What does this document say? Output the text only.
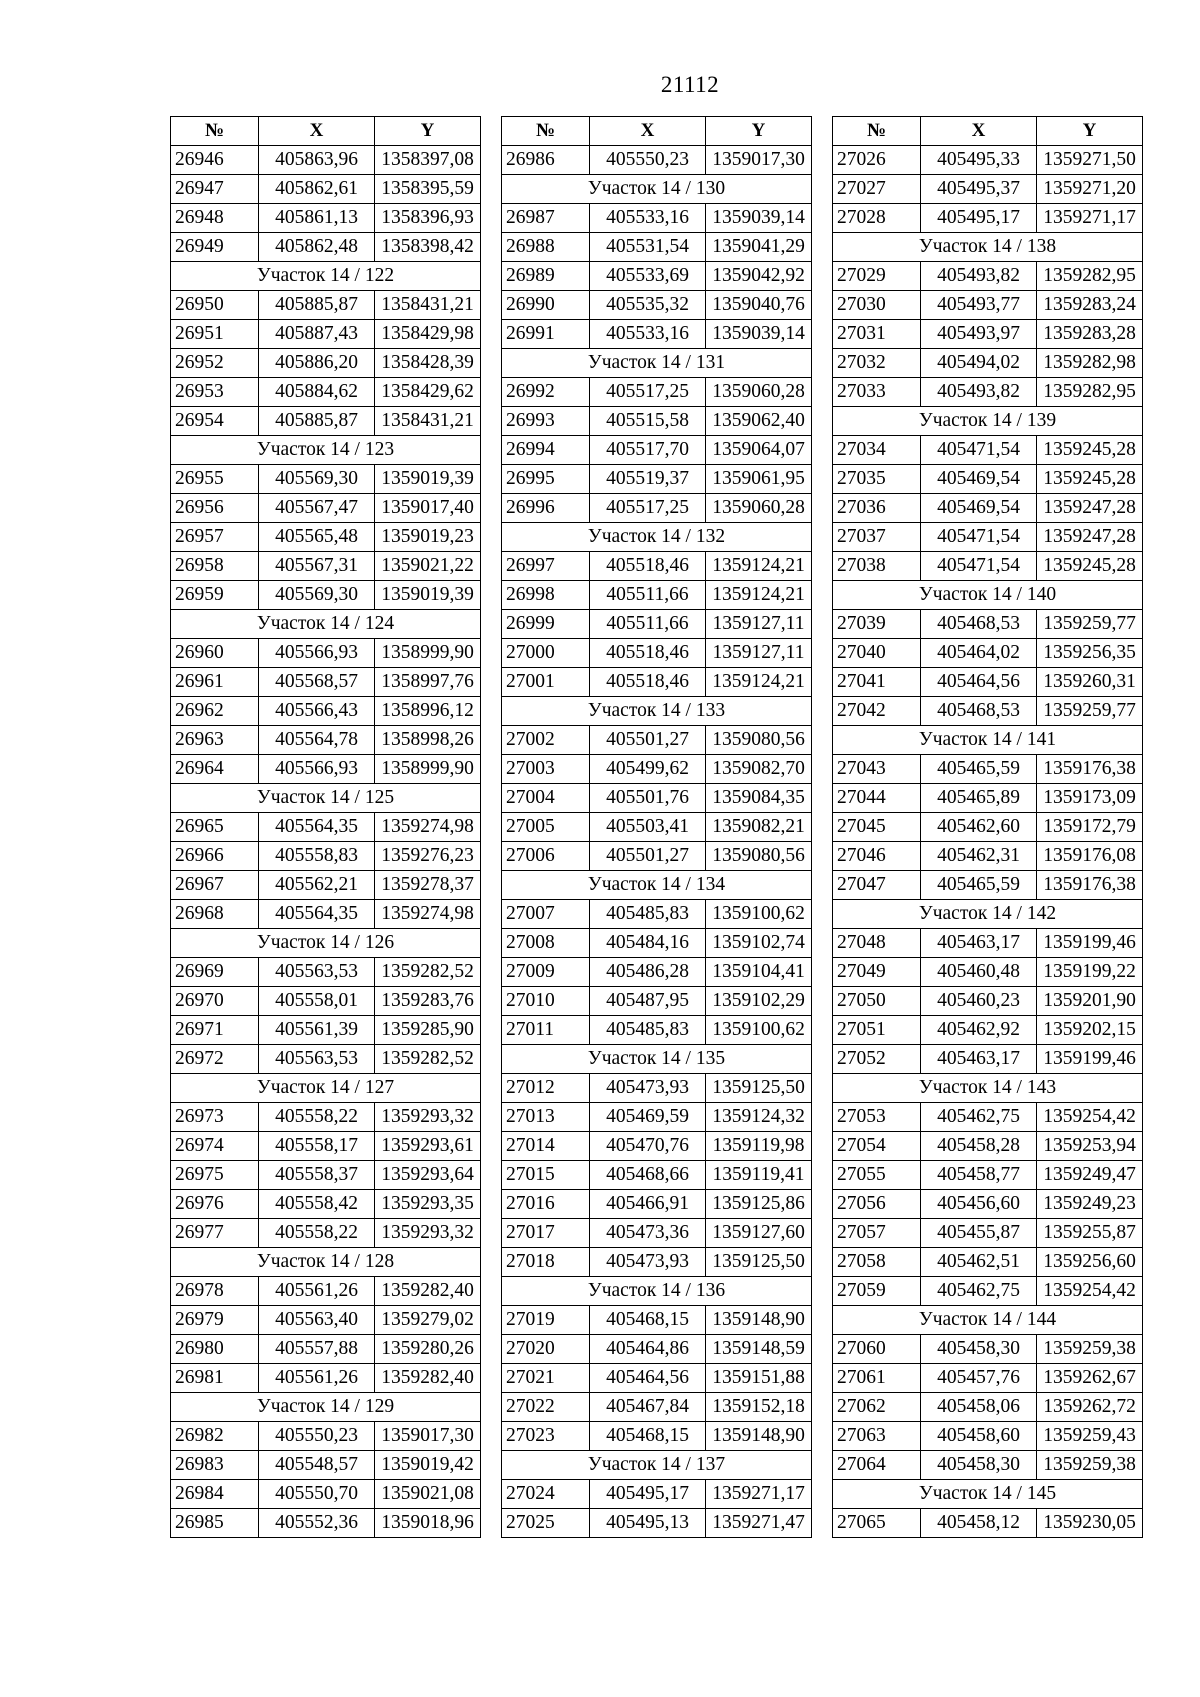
21112
№	X	Y
26946	405863,96	1358397,08
26947	405862,61	1358395,59
26948	405861,13	1358396,93
26949	405862,48	1358398,42
Участок 14 / 122		
26950	405885,87	1358431,21
26951	405887,43	1358429,98
26952	405886,20	1358428,39
26953	405884,62	1358429,62
26954	405885,87	1358431,21
Участок 14 / 123		
26955	405569,30	1359019,39
26956	405567,47	1359017,40
26957	405565,48	1359019,23
26958	405567,31	1359021,22
26959	405569,30	1359019,39
Участок 14 / 124		
26960	405566,93	1358999,90
26961	405568,57	1358997,76
26962	405566,43	1358996,12
26963	405564,78	1358998,26
26964	405566,93	1358999,90
Участок 14 / 125		
26965	405564,35	1359274,98
26966	405558,83	1359276,23
26967	405562,21	1359278,37
26968	405564,35	1359274,98
Участок 14 / 126		
26969	405563,53	1359282,52
26970	405558,01	1359283,76
26971	405561,39	1359285,90
26972	405563,53	1359282,52
Участок 14 / 127		
26973	405558,22	1359293,32
26974	405558,17	1359293,61
26975	405558,37	1359293,64
26976	405558,42	1359293,35
26977	405558,22	1359293,32
Участок 14 / 128		
26978	405561,26	1359282,40
26979	405563,40	1359279,02
26980	405557,88	1359280,26
26981	405561,26	1359282,40
Участок 14 / 129		
26982	405550,23	1359017,30
26983	405548,57	1359019,42
26984	405550,70	1359021,08
26985	405552,36	1359018,96
№	X	Y
26986	405550,23	1359017,30
Участок 14 / 130		
26987	405533,16	1359039,14
26988	405531,54	1359041,29
26989	405533,69	1359042,92
26990	405535,32	1359040,76
26991	405533,16	1359039,14
Участок 14 / 131		
26992	405517,25	1359060,28
26993	405515,58	1359062,40
26994	405517,70	1359064,07
26995	405519,37	1359061,95
26996	405517,25	1359060,28
Участок 14 / 132		
26997	405518,46	1359124,21
26998	405511,66	1359124,21
26999	405511,66	1359127,11
27000	405518,46	1359127,11
27001	405518,46	1359124,21
Участок 14 / 133		
27002	405501,27	1359080,56
27003	405499,62	1359082,70
27004	405501,76	1359084,35
27005	405503,41	1359082,21
27006	405501,27	1359080,56
Участок 14 / 134		
27007	405485,83	1359100,62
27008	405484,16	1359102,74
27009	405486,28	1359104,41
27010	405487,95	1359102,29
27011	405485,83	1359100,62
Участок 14 / 135		
27012	405473,93	1359125,50
27013	405469,59	1359124,32
27014	405470,76	1359119,98
27015	405468,66	1359119,41
27016	405466,91	1359125,86
27017	405473,36	1359127,60
27018	405473,93	1359125,50
Участок 14 / 136		
27019	405468,15	1359148,90
27020	405464,86	1359148,59
27021	405464,56	1359151,88
27022	405467,84	1359152,18
27023	405468,15	1359148,90
Участок 14 / 137		
27024	405495,17	1359271,17
27025	405495,13	1359271,47
№	X	Y
27026	405495,33	1359271,50
27027	405495,37	1359271,20
27028	405495,17	1359271,17
Участок 14 / 138		
27029	405493,82	1359282,95
27030	405493,77	1359283,24
27031	405493,97	1359283,28
27032	405494,02	1359282,98
27033	405493,82	1359282,95
Участок 14 / 139		
27034	405471,54	1359245,28
27035	405469,54	1359245,28
27036	405469,54	1359247,28
27037	405471,54	1359247,28
27038	405471,54	1359245,28
Участок 14 / 140		
27039	405468,53	1359259,77
27040	405464,02	1359256,35
27041	405464,56	1359260,31
27042	405468,53	1359259,77
Участок 14 / 141		
27043	405465,59	1359176,38
27044	405465,89	1359173,09
27045	405462,60	1359172,79
27046	405462,31	1359176,08
27047	405465,59	1359176,38
Участок 14 / 142		
27048	405463,17	1359199,46
27049	405460,48	1359199,22
27050	405460,23	1359201,90
27051	405462,92	1359202,15
27052	405463,17	1359199,46
Участок 14 / 143		
27053	405462,75	1359254,42
27054	405458,28	1359253,94
27055	405458,77	1359249,47
27056	405456,60	1359249,23
27057	405455,87	1359255,87
27058	405462,51	1359256,60
27059	405462,75	1359254,42
Участок 14 / 144		
27060	405458,30	1359259,38
27061	405457,76	1359262,67
27062	405458,06	1359262,72
27063	405458,60	1359259,43
27064	405458,30	1359259,38
Участок 14 / 145		
27065	405458,12	1359230,05
